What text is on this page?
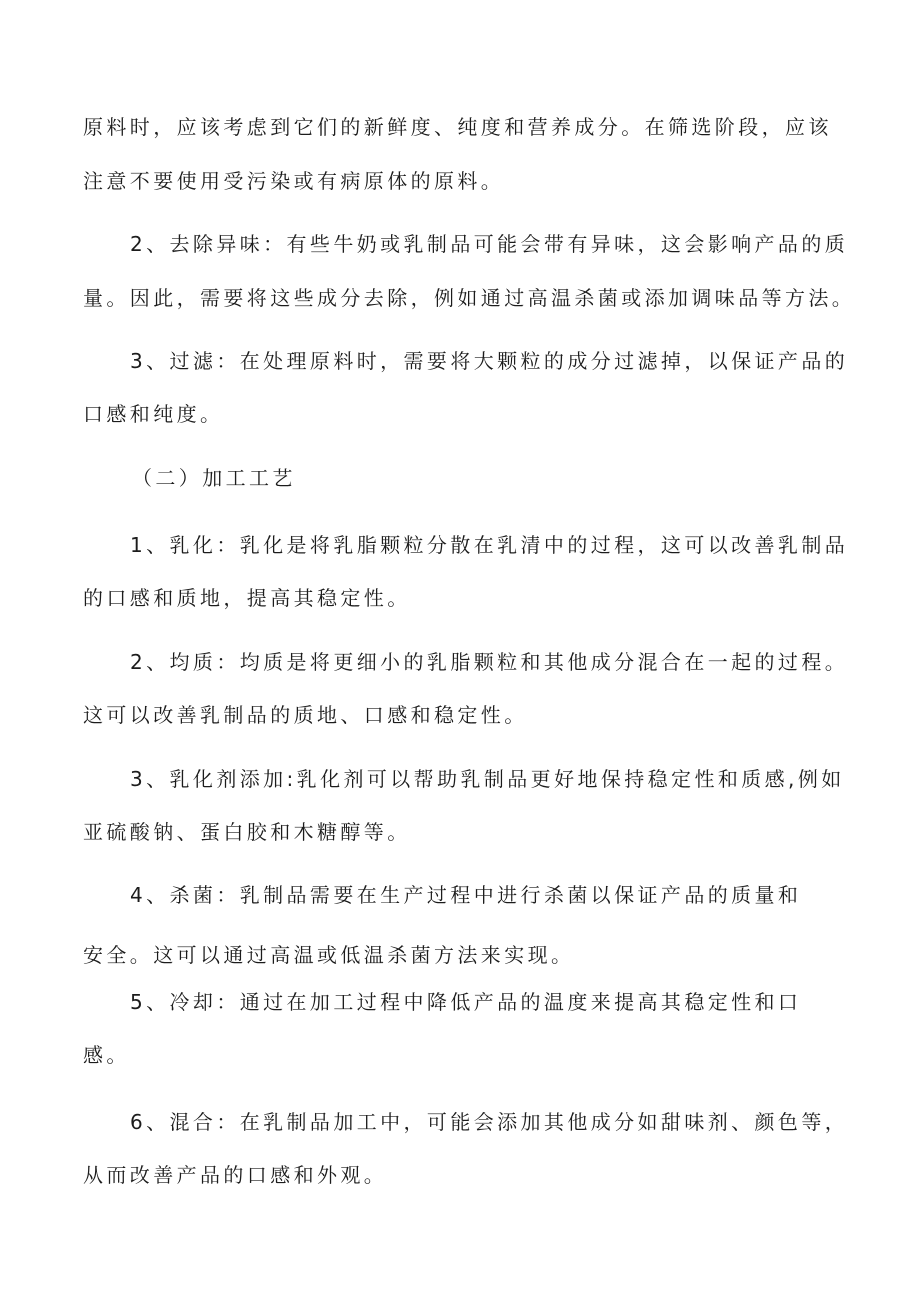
原料时，应该考虑到它们的新鲜度、纯度和营养成分。在筛选阶段，应该
注意不要使用受污染或有病原体的原料。
2、去除异味：有些牛奶或乳制品可能会带有异味，这会影响产品的质
量。因此，需要将这些成分去除，例如通过高温杀菌或添加调味品等方法。
3、过滤：在处理原料时，需要将大颗粒的成分过滤掉，以保证产品的
口感和纯度。
（二）加工工艺
1、乳化：乳化是将乳脂颗粒分散在乳清中的过程，这可以改善乳制品
的口感和质地，提高其稳定性。
2、均质：均质是将更细小的乳脂颗粒和其他成分混合在一起的过程。
这可以改善乳制品的质地、口感和稳定性。
3、乳化剂添加:乳化剂可以帮助乳制品更好地保持稳定性和质感,例如
亚硫酸钠、蛋白胶和木糖醇等。
4、杀菌：乳制品需要在生产过程中进行杀菌以保证产品的质量和
安全。这可以通过高温或低温杀菌方法来实现。
5、冷却：通过在加工过程中降低产品的温度来提高其稳定性和口
感。
6、混合：在乳制品加工中，可能会添加其他成分如甜味剂、颜色等，
从而改善产品的口感和外观。
